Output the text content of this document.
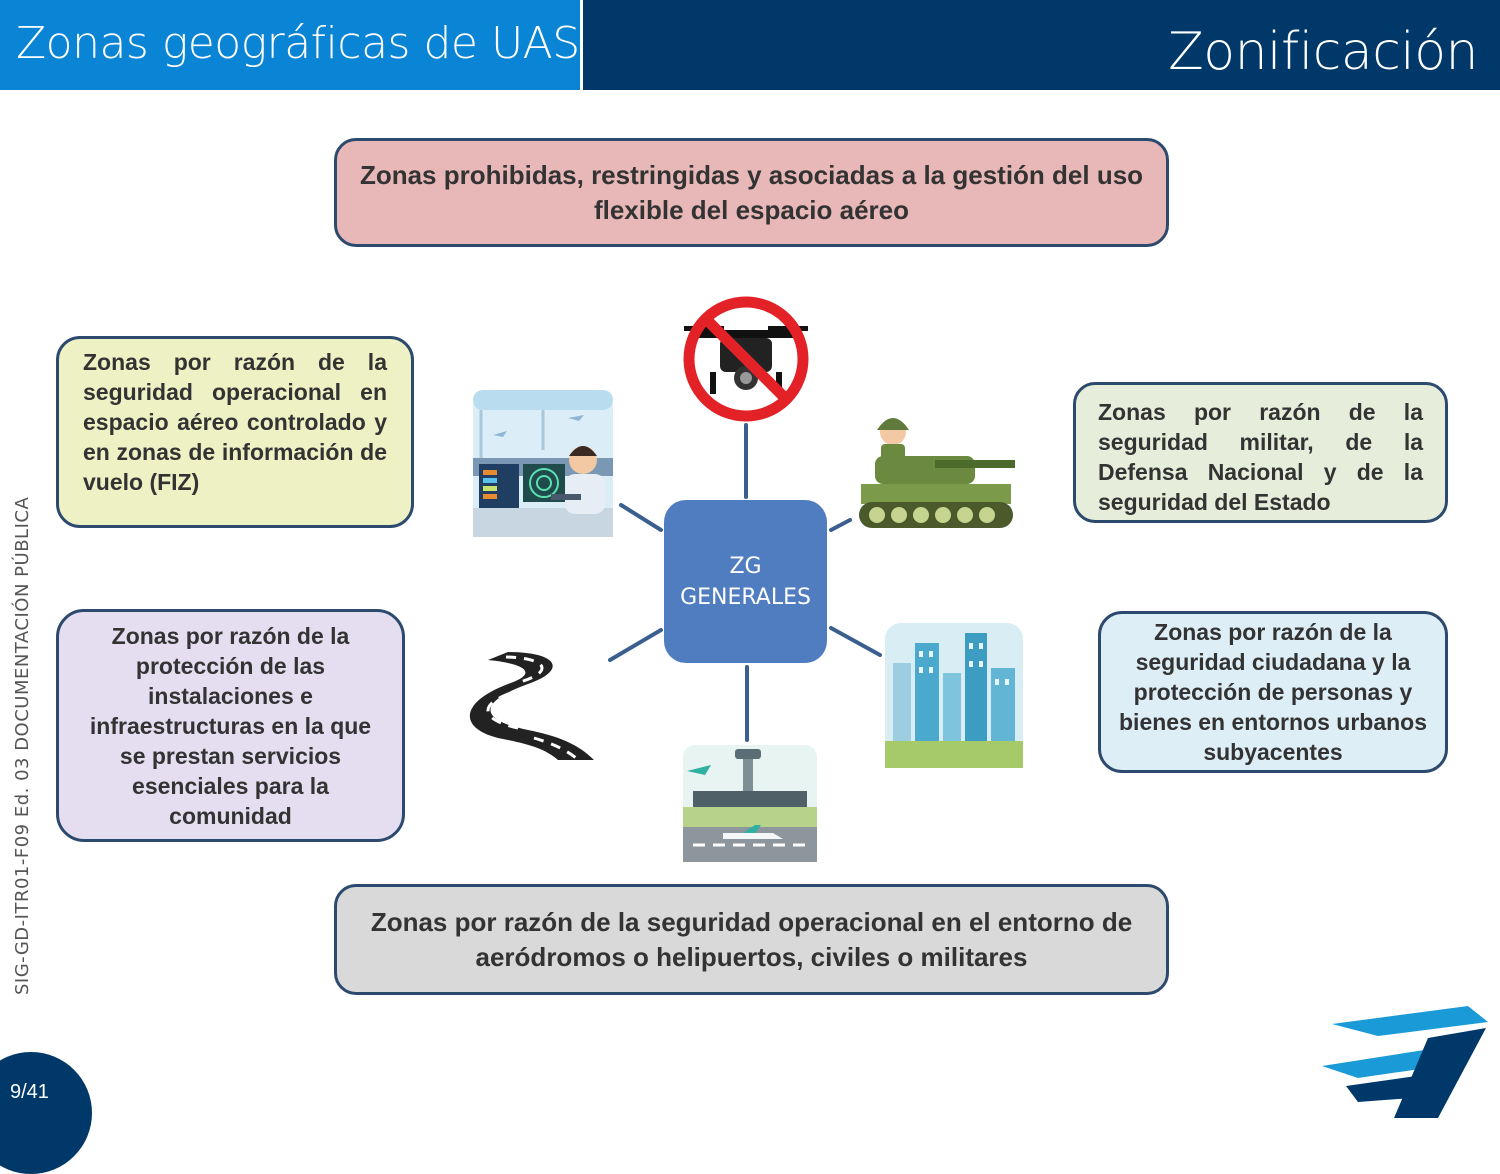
Zonas geográficas de UAS	Zonificación
SIG-GD-ITR01-F09 Ed. 03 DOCUMENTACIÓN PÚBLICA
Zonas prohibidas, restringidas y asociadas a la gestión del uso flexible del espacio aéreo
Zonas por razón de la seguridad operacional en espacio aéreo controlado y en zonas de información de vuelo (FIZ)
Zonas por razón de la seguridad militar, de la Defensa Nacional y de la seguridad del Estado
Zonas por razón de la protección de las instalaciones e infraestructuras en la que se prestan servicios esenciales para la comunidad
Zonas por razón de la seguridad ciudadana y la protección de personas y bienes en entornos urbanos subyacentes
Zonas por razón de la seguridad operacional en el entorno de aeródromos o helipuertos, civiles o militares
ZG
GENERALES
9/41
